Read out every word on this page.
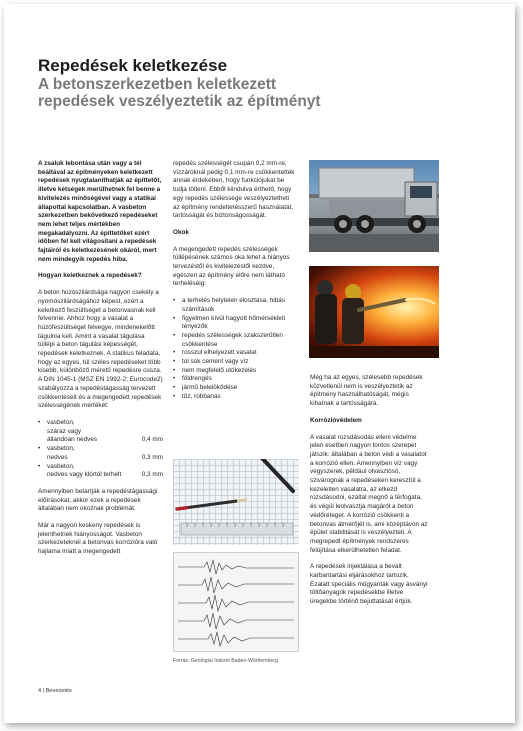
Repedések keletkezése
A betonszerkezetben keletkezett repedések veszélyeztetik az építményt

A zsaluk lebontása után vagy a tél beáltával az építményeken keletkezett repedések nyugtalaníthatják az építtetőt, illetve kétségek merülhetnek fel benne a kivitelezés minőségével vagy a statikai állapottal kapcsolatban. A vasbeton szerkezetben bekövetkező repedéseket nem lehet teljes mértékben megakadályozni. Az építtetőket ezért időben fel kell világosítani a repedések fajtáiról és keletkezésének okáról, mert nem mindegyik repedés hiba.

Hogyan keletkeznek a repedések?

A beton húzószilárdsága nagyon csekély a nyomószilárdságához képest, ezért a keletkező feszültséget a betonvasnak kell felvennie. Ahhoz hogy a vasalat a húzófeszültséget felvegye, mindenekelőtt tágulnia kell. Amint a vasalat tágulása túllépi a beton tágulási képességét, repedések keletkeznek. A statikus feladata, hogy az egyes, túl széles repedéseket több kisebb, különböző méretű repedésre ossza. A DIN 1045-1 (MSZ EN 1992-2; Eurocode2) szabályozza a repedéstágasság tervezett csökkentéseit és a megengedett repedések szélességének mértékét:

• vasbeton,
száraz vagy
állandóan nedves	0,4 mm
• vasbeton,
nedves	0,3 mm
• vasbeton,
nedves vagy klórtól terhelt	0,3 mm

Amennyiben betartják a repedéstágassági előírásokat, akkor ezek a repedések általában nem okoznak problémát.

Már a nagyon keskeny repedések is jelenthetnek hiányosságot. Vasbeton szerkezeteknél a betonvas korrózióra való hajlama miatt a megengedett

repedés szélességét csupán 0,2 mm-re, vízzáróknál pedig 0,1 mm-re csökkentették annak érdekében, hogy funkciójukat be tudja tölteni. Ebből kiindulva érthető, hogy egy repedés szélessége veszélyeztetheti az építmény rendeltetésszerű használatát, tartósságát és biztonságosságát.

Okok

A megengedett repedés szélességek túllépésének számos oka lehet a hiányos tervezéstől és kivitelezéstől kezdve, egészen az építmény előre nem látható terheléséig:

• a terhelés helytelen elosztása, hibás számítások
• figyelmen kívül hagyott hőmérsékleti tényezők
• repedés szélességek szakszerűtlen csökkentése
• rosszul elhelyezett vasalat
• túl sok cement vagy víz
• nem megfelelő utókezelés
• földrengés
• jármű belelökődése
• tűz, robbanás

Még ha az egyes, szélesebb repedések közvetlenül nem is veszélyeztetik az építmény használhatóságát, mégis kihatnak a tartósságára.

Korrózióvédelem

A vasalat rozsdásodás elleni védelme jelen esetben nagyon fontos szerepet játszik: általában a beton védi a vasalatot a korrózió ellen. Amennyiben víz vagy vegyszerek, például olvasztósó, szivárognak a repedéseken keresztül a kezeletlen vasalatra, az elkezd rozsdásodni, ezáltal megnő a térfogata, és végül leolvasztja magáról a beton védőréteget. A korrózió csökkenti a betonvas átmérőjét is, ami középtávon az épület stabilitását is veszélyezteti. A megrepedt építmények rendszeres felújítása elkerülhetetlen feladat.

A repedések injektálása a bevált karbantartási eljárásokhoz tartozik. Ezalatt speciális műgyanták vagy ásványi töltőanyagok repedésekbe illetve üregekbe történő bejuttatását értjük.

Forrás: Geológiai Intézet Baden-Württemberg
4 | Bevezetés
